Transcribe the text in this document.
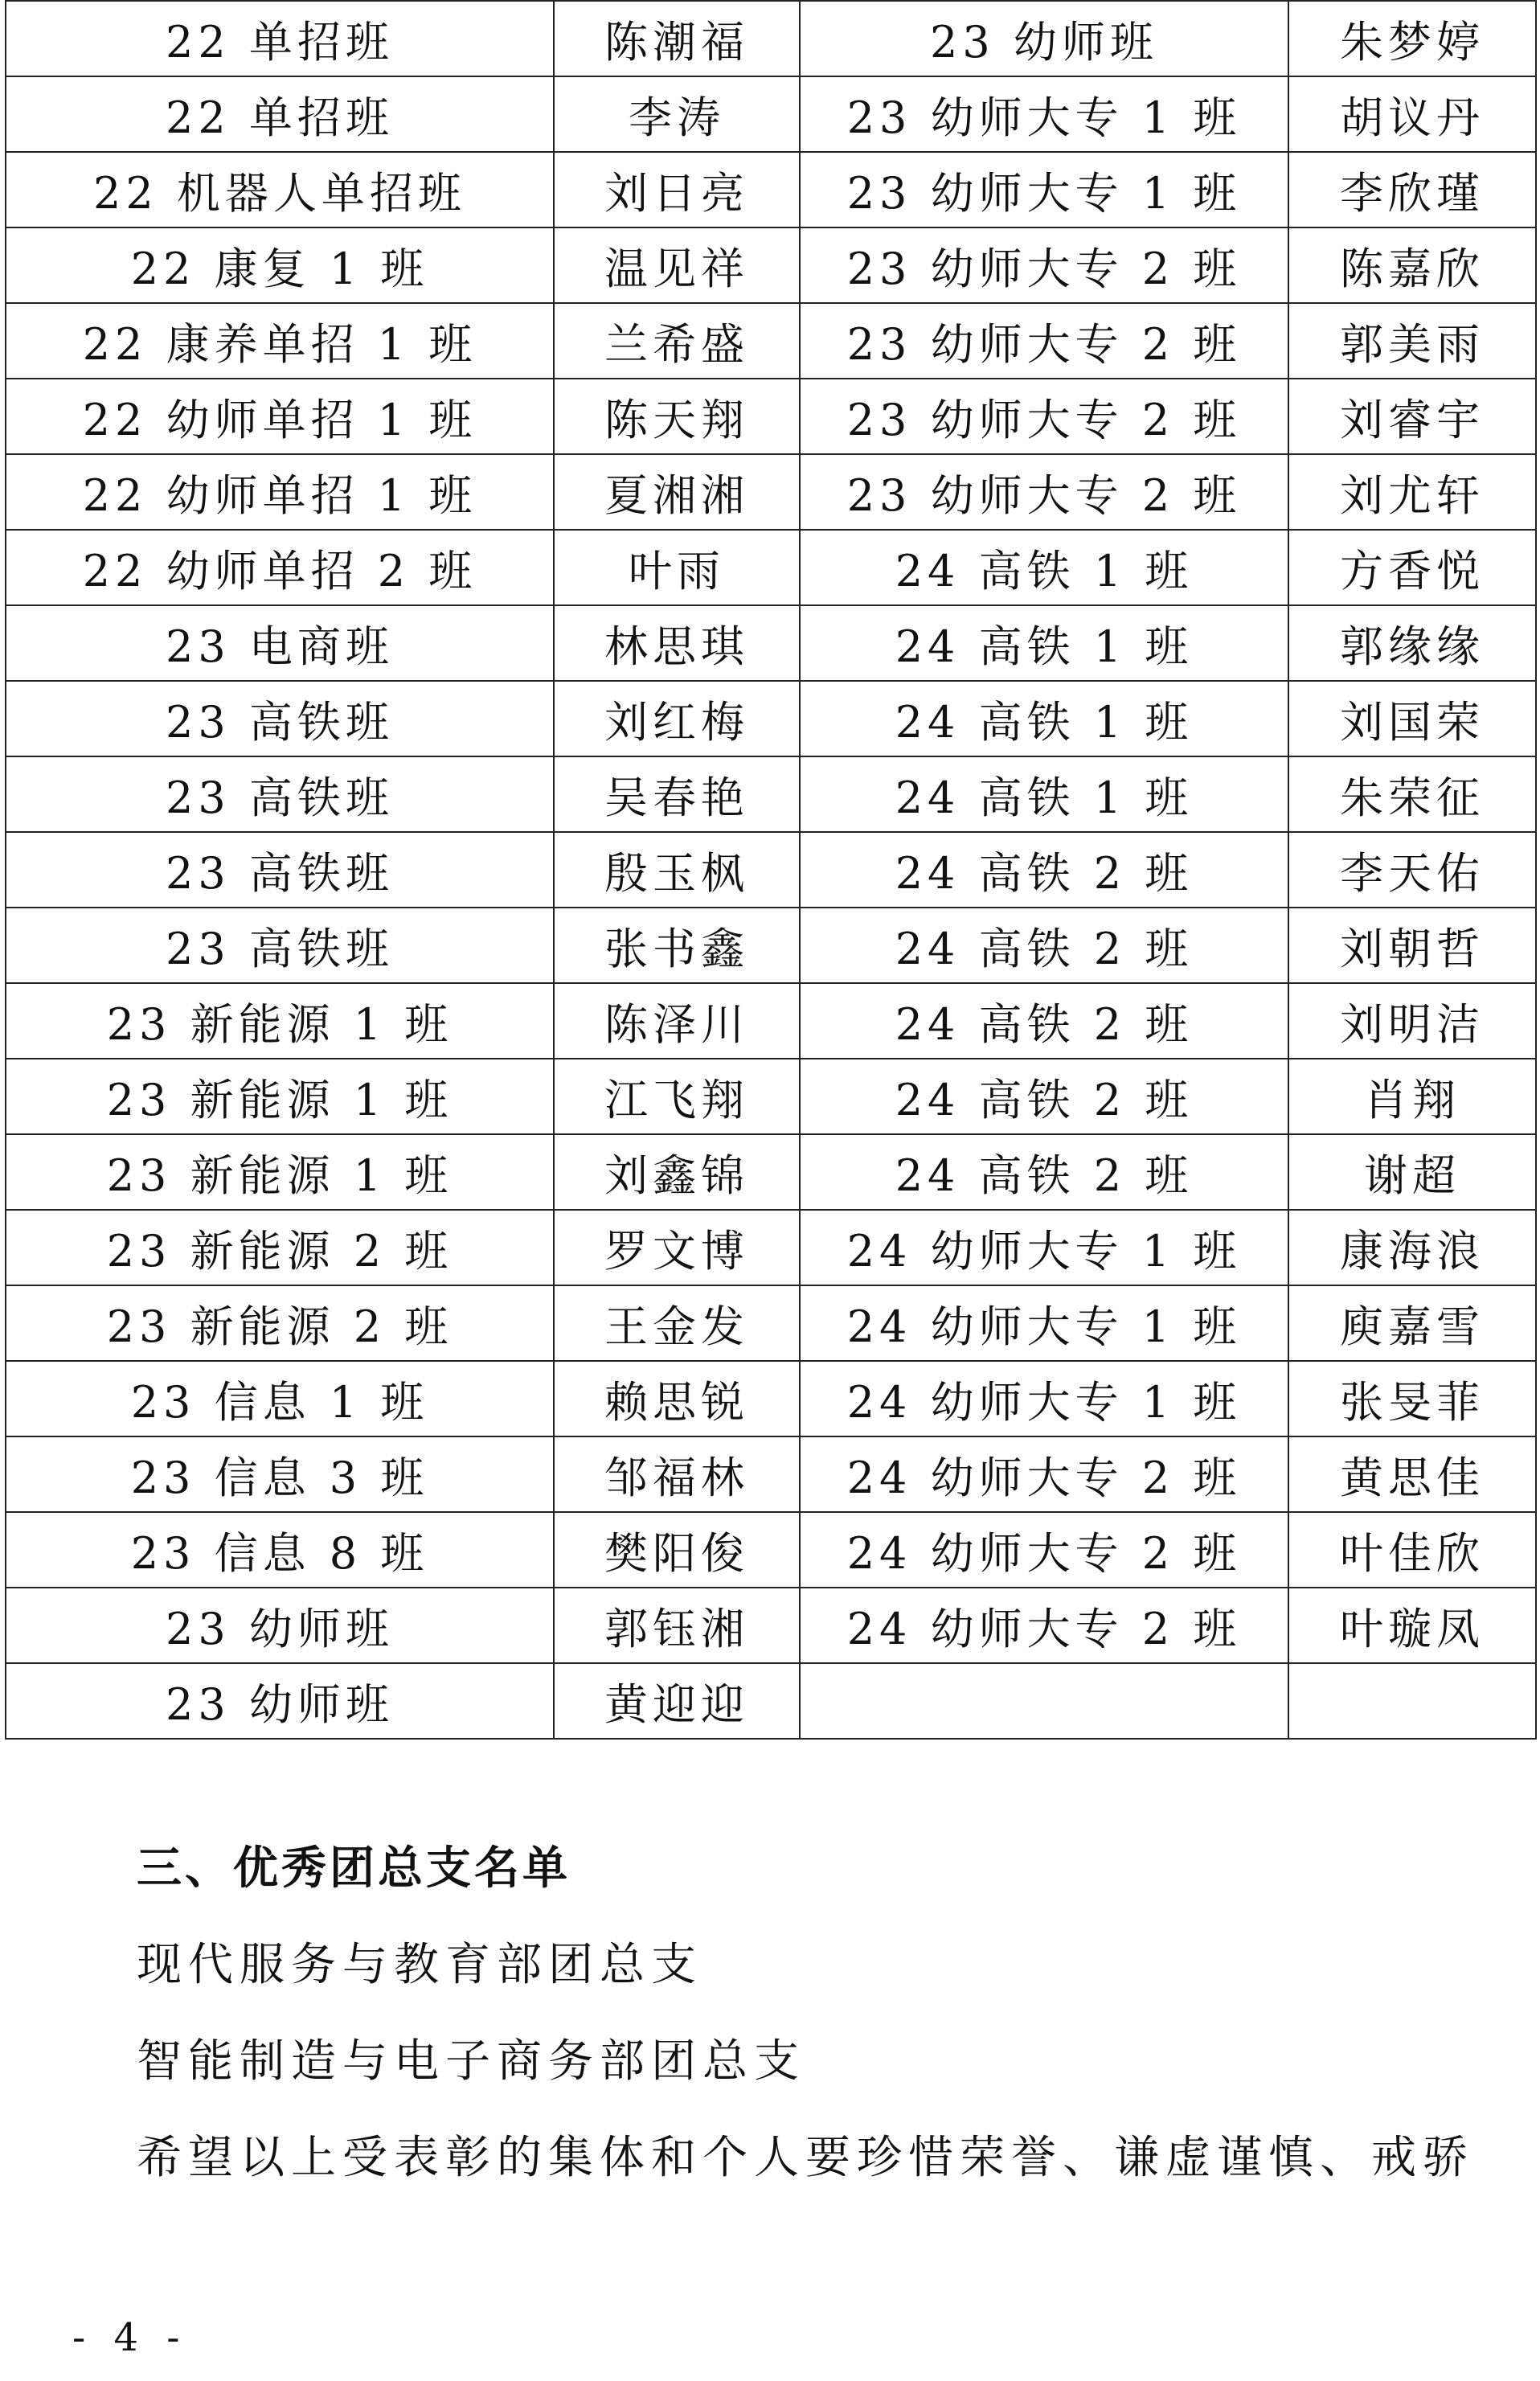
22 单招班	陈潮福	23 幼师班	朱梦婷
22 单招班	李涛	23 幼师大专 1 班	胡议丹
22 机器人单招班	刘日亮	23 幼师大专 1 班	李欣瑾
22 康复 1 班	温见祥	23 幼师大专 2 班	陈嘉欣
22 康养单招 1 班	兰希盛	23 幼师大专 2 班	郭美雨
22 幼师单招 1 班	陈天翔	23 幼师大专 2 班	刘睿宇
22 幼师单招 1 班	夏湘湘	23 幼师大专 2 班	刘尤轩
22 幼师单招 2 班	叶雨	24 高铁 1 班	方香悦
23 电商班	林思琪	24 高铁 1 班	郭缘缘
23 高铁班	刘红梅	24 高铁 1 班	刘国荣
23 高铁班	吴春艳	24 高铁 1 班	朱荣征
23 高铁班	殷玉枫	24 高铁 2 班	李天佑
23 高铁班	张书鑫	24 高铁 2 班	刘朝哲
23 新能源 1 班	陈泽川	24 高铁 2 班	刘明洁
23 新能源 1 班	江飞翔	24 高铁 2 班	肖翔
23 新能源 1 班	刘鑫锦	24 高铁 2 班	谢超
23 新能源 2 班	罗文博	24 幼师大专 1 班	康海浪
23 新能源 2 班	王金发	24 幼师大专 1 班	庾嘉雪
23 信息 1 班	赖思锐	24 幼师大专 1 班	张旻菲
23 信息 3 班	邹福林	24 幼师大专 2 班	黄思佳
23 信息 8 班	樊阳俊	24 幼师大专 2 班	叶佳欣
23 幼师班	郭钰湘	24 幼师大专 2 班	叶璇凤
23 幼师班	黄迎迎		
三、优秀团总支名单

现代服务与教育部团总支

智能制造与电子商务部团总支

希望以上受表彰的集体和个人要珍惜荣誉、谦虚谨慎、戒骄

- 4 -
